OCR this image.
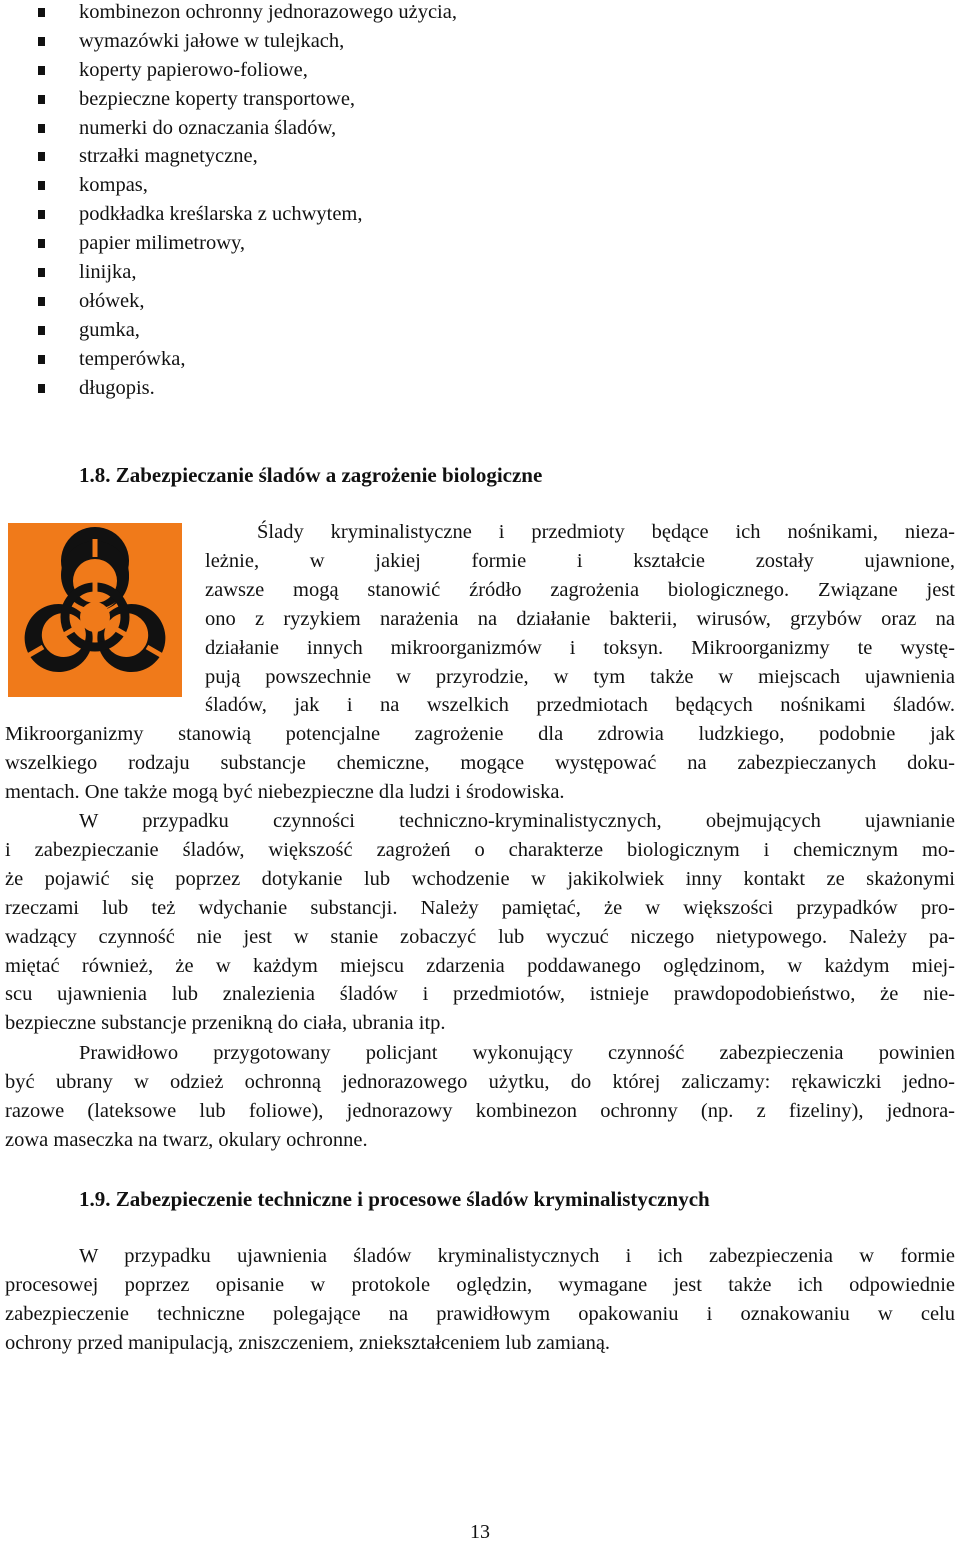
kombinezon ochronny jednorazowego użycia,
wymazówki jałowe w tulejkach,
koperty papierowo-foliowe,
bezpieczne koperty transportowe,
numerki do oznaczania śladów,
strzałki magnetyczne,
kompas,
podkładka kreślarska z uchwytem,
papier milimetrowy,
linijka,
ołówek,
gumka,
temperówka,
długopis.
1.8. Zabezpieczanie śladów a zagrożenie biologiczne
Ślady kryminalistyczne i przedmioty będące ich nośnikami, nieza-
leżnie, w jakiej formie i kształcie zostały ujawnione,
zawsze mogą stanowić źródło zagrożenia biologicznego. Związane jest
ono z ryzykiem narażenia na działanie bakterii, wirusów, grzybów oraz na
działanie innych mikroorganizmów i toksyn. Mikroorganizmy te wystę-
pują powszechnie w przyrodzie, w tym także w miejscach ujawnienia
śladów, jak i na wszelkich przedmiotach będących nośnikami śladów.
Mikroorganizmy stanowią potencjalne zagrożenie dla zdrowia ludzkiego, podobnie jak
wszelkiego rodzaju substancje chemiczne, mogące występować na zabezpieczanych doku-
mentach. One także mogą być niebezpieczne dla ludzi i środowiska.
W przypadku czynności techniczno-kryminalistycznych, obejmujących ujawnianie
i zabezpieczanie śladów, większość zagrożeń o charakterze biologicznym i chemicznym mo-
że pojawić się poprzez dotykanie lub wchodzenie w jakikolwiek inny kontakt ze skażonymi
rzeczami lub też wdychanie substancji. Należy pamiętać, że w większości przypadków pro-
wadzący czynność nie jest w stanie zobaczyć lub wyczuć niczego nietypowego. Należy pa-
miętać również, że w każdym miejscu zdarzenia poddawanego oględzinom, w każdym miej-
scu ujawnienia lub znalezienia śladów i przedmiotów, istnieje prawdopodobieństwo, że nie-
bezpieczne substancje przenikną do ciała, ubrania itp.
Prawidłowo przygotowany policjant wykonujący czynność zabezpieczenia powinien
być ubrany w odzież ochronną jednorazowego użytku, do której zaliczamy: rękawiczki jedno-
razowe (lateksowe lub foliowe), jednorazowy kombinezon ochronny (np. z fizeliny), jednora-
zowa maseczka na twarz, okulary ochronne.
1.9. Zabezpieczenie techniczne i procesowe śladów kryminalistycznych
W przypadku ujawnienia śladów kryminalistycznych i ich zabezpieczenia w formie
procesowej poprzez opisanie w protokole oględzin, wymagane jest także ich odpowiednie
zabezpieczenie techniczne polegające na prawidłowym opakowaniu i oznakowaniu w celu
ochrony przed manipulacją, zniszczeniem, zniekształceniem lub zamianą.
13
